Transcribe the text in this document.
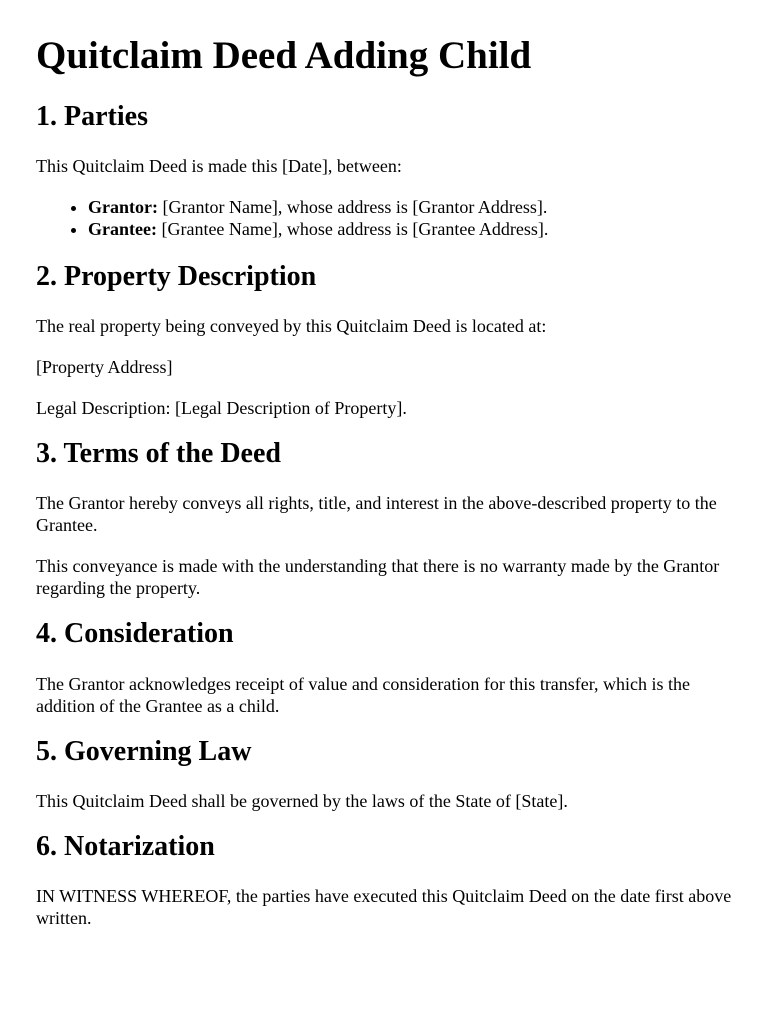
Quitclaim Deed Adding Child
1. Parties

This Quitclaim Deed is made this [Date], between:

• Grantor: [Grantor Name], whose address is [Grantor Address].
• Grantee: [Grantee Name], whose address is [Grantee Address].
2. Property Description

The real property being conveyed by this Quitclaim Deed is located at:

[Property Address]

Legal Description: [Legal Description of Property].

3. Terms of the Deed

The Grantor hereby conveys all rights, title, and interest in the above-described property to the Grantee.

This conveyance is made with the understanding that there is no warranty made by the Grantor regarding the property.

4. Consideration

The Grantor acknowledges receipt of value and consideration for this transfer, which is the addition of the Grantee as a child.

5. Governing Law

This Quitclaim Deed shall be governed by the laws of the State of [State].

6. Notarization

IN WITNESS WHEREOF, the parties have executed this Quitclaim Deed on the date first above written.
